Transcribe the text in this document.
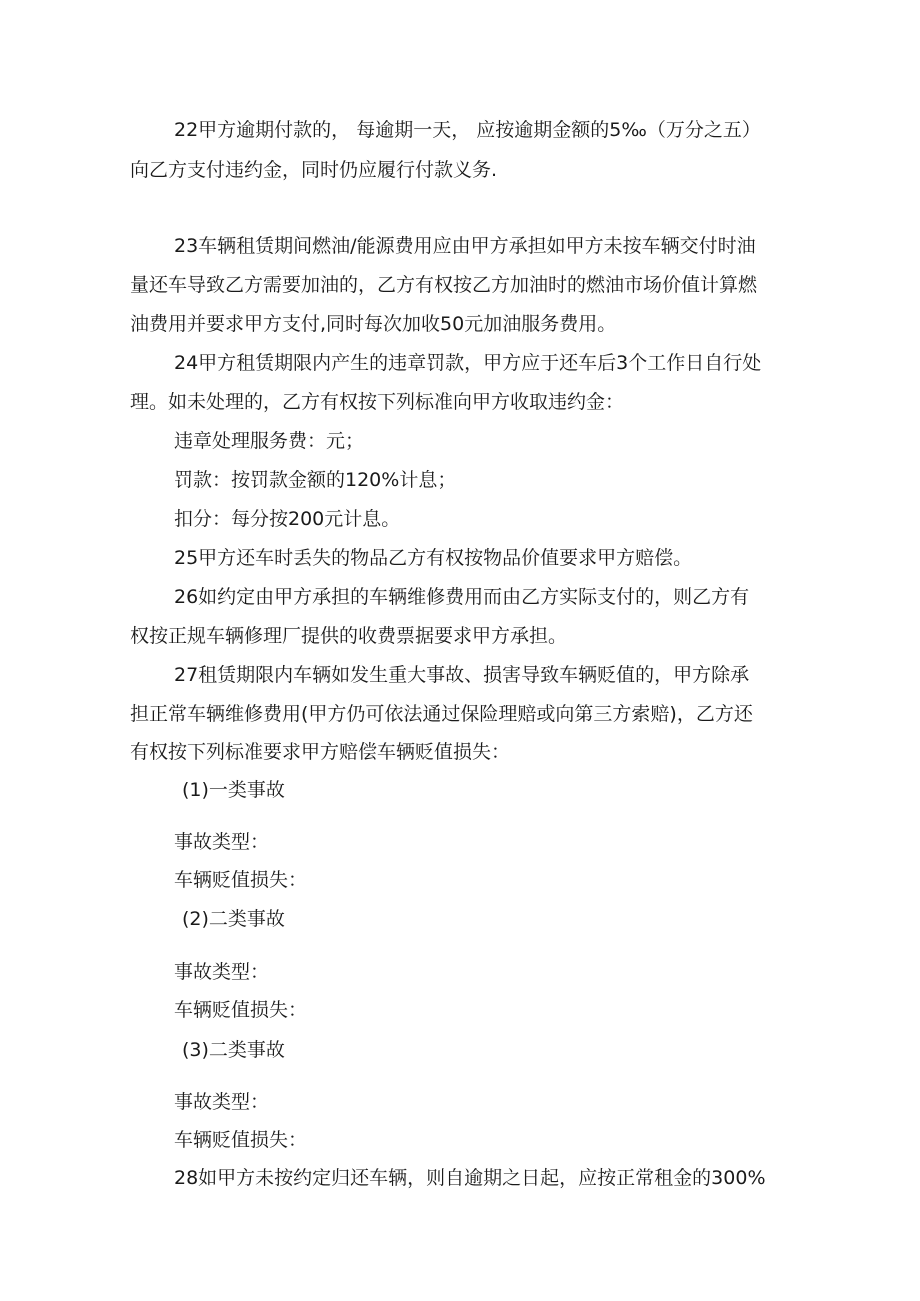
22甲方逾期付款的， 每逾期一天， 应按逾期金额的5‰（万分之五）
向乙方支付违约金，同时仍应履行付款义务.
23车辆租赁期间燃油/能源费用应由甲方承担如甲方未按车辆交付时油
量还车导致乙方需要加油的，乙方有权按乙方加油时的燃油市场价值计算燃
油费用并要求甲方支付,同时每次加收50元加油服务费用。
24甲方租赁期限内产生的违章罚款，甲方应于还车后3个工作日自行处
理。如未处理的，乙方有权按下列标准向甲方收取违约金：
违章处理服务费：元；
罚款：按罚款金额的120%计息；
扣分：每分按200元计息。
25甲方还车时丢失的物品乙方有权按物品价值要求甲方赔偿。
26如约定由甲方承担的车辆维修费用而由乙方实际支付的，则乙方有
权按正规车辆修理厂提供的收费票据要求甲方承担。
27租赁期限内车辆如发生重大事故、损害导致车辆贬值的，甲方除承
担正常车辆维修费用(甲方仍可依法通过保险理赔或向第三方索赔)，乙方还
有权按下列标准要求甲方赔偿车辆贬值损失：
(1)一类事故
事故类型：
车辆贬值损失：
(2)二类事故
事故类型：
车辆贬值损失：
(3)二类事故
事故类型：
车辆贬值损失：
28如甲方未按约定归还车辆，则自逾期之日起，应按正常租金的300%
